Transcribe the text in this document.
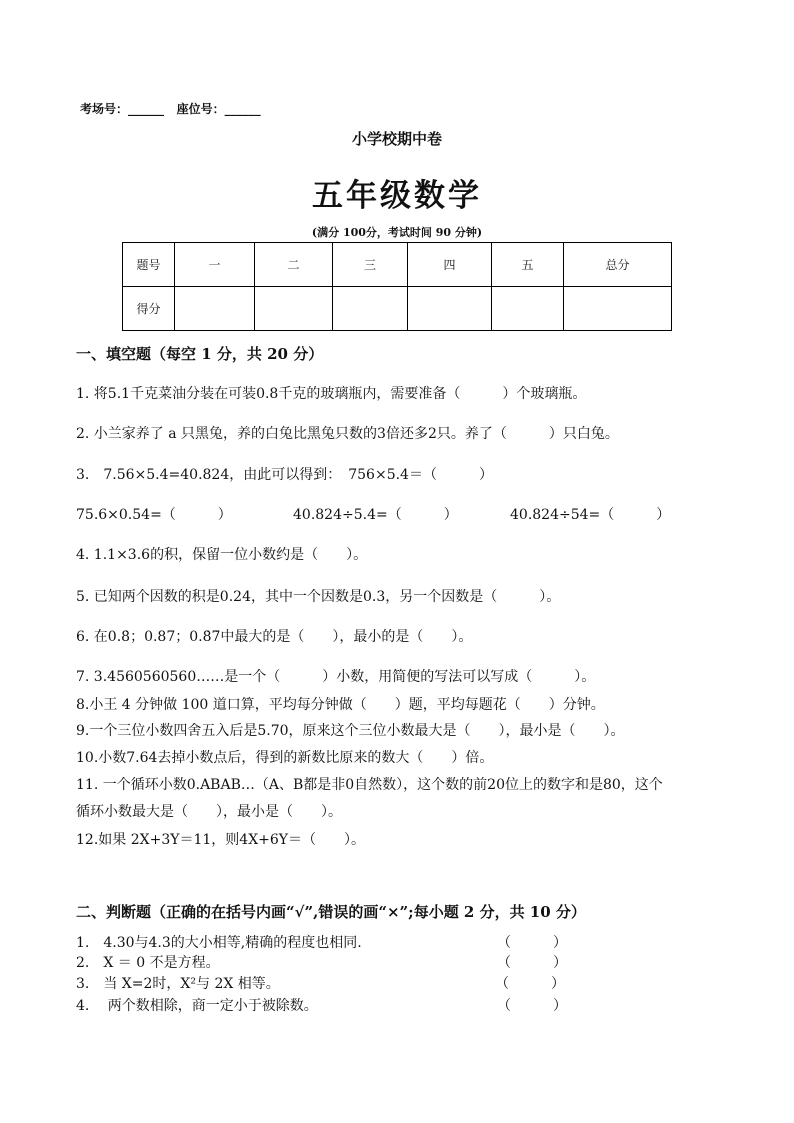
考场号：______ 座位号：______
小学校期中卷
五年级数学
(满分 100分，考试时间 90 分钟)
题号	一	二	三	四	五	总分
得分						
一、填空题（每空 1 分，共 20 分）
1. 将5.1千克菜油分装在可装0.8千克的玻璃瓶内，需要准备（　　　）个玻璃瓶。
2. 小兰家养了 a 只黑兔，养的白兔比黑兔只数的3倍还多2只。养了（　　　）只白兔。
3.　7.56×5.4=40.824，由此可以得到：　756×5.4＝（　　　）
75.6×0.54=（　　　）	40.824÷5.4=（　　　）	40.824÷54=（　　　）
4. 1.1×3.6的积，保留一位小数约是（　　）。
5. 已知两个因数的积是0.24，其中一个因数是0.3，另一个因数是（　　　）。
6. 在0.8̇；0.87；0.8̇7̇中最大的是（　　），最小的是（　　）。
7. 3.4560560560……是一个（　　　）小数，用简便的写法可以写成（　　　）。
8.小王 4 分钟做 100 道口算，平均每分钟做（　　）题，平均每题花（　　）分钟。
9.一个三位小数四舍五入后是5.70，原来这个三位小数最大是（　　），最小是（　　）。
10.小数7.64去掉小数点后，得到的新数比原来的数大（　　）倍。
11. 一个循环小数0.ABAB…（A、B都是非0自然数），这个数的前20位上的数字和是80，这个
循环小数最大是（　　），最小是（　　）。
12.如果 2X+3Y＝11，则4X+6Y＝（　　）。
二、判断题（正确的在括号内画“√”,错误的画“×”;每小题 2 分，共 10 分）
1.　4.30与4.3的大小相等,精确的程度也相同.	（　　　）
2.　X ＝ 0 不是方程。	（　　　）
3.　当 X=2时，X²与 2X 相等。	（　　　）
4.　 两个数相除，商一定小于被除数。	（　　　）
